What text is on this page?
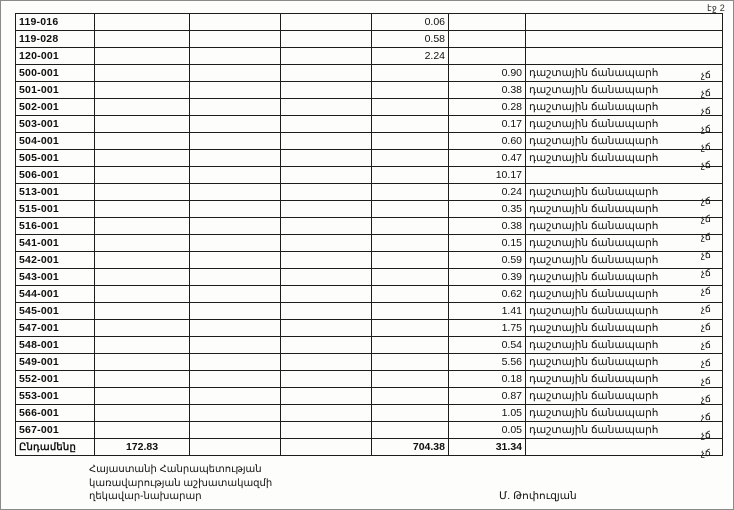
էջ 2
119-016				0.06		
119-028				0.58		
120-001				2.24		
500-001					0.90	դաշտային ճանապարհ
501-001					0.38	դաշտային ճանապարհ
502-001					0.28	դաշտային ճանապարհ
503-001					0.17	դաշտային ճանապարհ
504-001					0.60	դաշտային ճանապարհ
505-001					0.47	դաշտային ճանապարհ
506-001					10.17	
513-001					0.24	դաշտային ճանապարհ
515-001					0.35	դաշտային ճանապարհ
516-001					0.38	դաշտային ճանապարհ
541-001					0.15	դաշտային ճանապարհ
542-001					0.59	դաշտային ճանապարհ
543-001					0.39	դաշտային ճանապարհ
544-001					0.62	դաշտային ճանապարհ
545-001					1.41	դաշտային ճանապարհ
547-001					1.75	դաշտային ճանապարհ
548-001					0.54	դաշտային ճանապարհ
549-001					5.56	դաշտային ճանապարհ
552-001					0.18	դաշտային ճանապարհ
553-001					0.87	դաշտային ճանապարհ
566-001					1.05	դաշտային ճանապարհ
567-001					0.05	դաշտային ճանապարհ
Ընդամենը	172.83			704.38	31.34	
չճ
չճ
չճ
չճ
չճ
չճ
չճ
չճ
չճ
չճ
չճ
չճ
չճ
չճ
չճ
չճ
չճ
չճ
չճ
չճ
չճ
Հայաստանի Հանրապետության
կառավարության աշխատակազմի
ղեկավար-նախարար	Մ. Թոփուզյան
